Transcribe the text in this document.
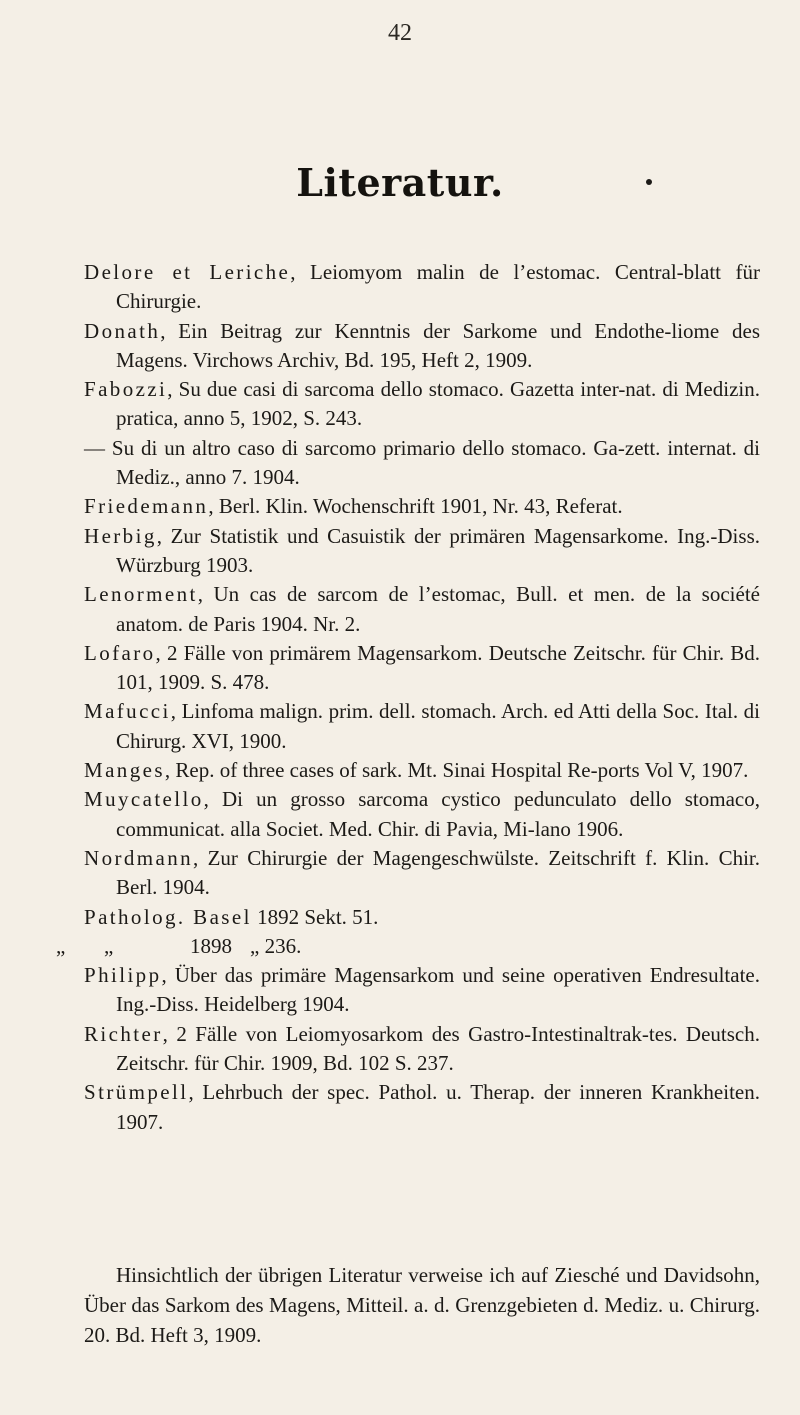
42
Literatur.
Delore et Leriche, Leiomyom malin de l’estomac. Central-blatt für Chirurgie.
Donath, Ein Beitrag zur Kenntnis der Sarkome und Endothe-liome des Magens. Virchows Archiv, Bd. 195, Heft 2, 1909.
Fabozzi, Su due casi di sarcoma dello stomaco. Gazetta inter-nat. di Medizin. pratica, anno 5, 1902, S. 243.
— Su di un altro caso di sarcomo primario dello stomaco. Ga-zett. internat. di Mediz., anno 7. 1904.
Friedemann, Berl. Klin. Wochenschrift 1901, Nr. 43, Referat.
Herbig, Zur Statistik und Casuistik der primären Magensarkome. Ing.-Diss. Würzburg 1903.
Lenorment, Un cas de sarcom de l’estomac, Bull. et men. de la société anatom. de Paris 1904. Nr. 2.
Lofaro, 2 Fälle von primärem Magensarkom. Deutsche Zeitschr. für Chir. Bd. 101, 1909. S. 478.
Mafucci, Linfoma malign. prim. dell. stomach. Arch. ed Atti della Soc. Ital. di Chirurg. XVI, 1900.
Manges, Rep. of three cases of sark. Mt. Sinai Hospital Re-ports Vol V, 1907.
Muycatello, Di un grosso sarcoma cystico pedunculato dello stomaco, communicat. alla Societ. Med. Chir. di Pavia, Mi-lano 1906.
Nordmann, Zur Chirurgie der Magengeschwülste. Zeitschrift f. Klin. Chir. Berl. 1904.
Patholog. Basel 1892 Sekt. 51.
„ „	1898 „ 236.
Philipp, Über das primäre Magensarkom und seine operativen Endresultate. Ing.-Diss. Heidelberg 1904.
Richter, 2 Fälle von Leiomyosarkom des Gastro-Intestinaltrak-tes. Deutsch. Zeitschr. für Chir. 1909, Bd. 102 S. 237.
Strümpell, Lehrbuch der spec. Pathol. u. Therap. der inneren Krankheiten. 1907.

Hinsichtlich der übrigen Literatur verweise ich auf Ziesché und Davidsohn, Über das Sarkom des Magens, Mitteil. a. d. Grenzgebieten d. Mediz. u. Chirurg. 20. Bd. Heft 3, 1909.
